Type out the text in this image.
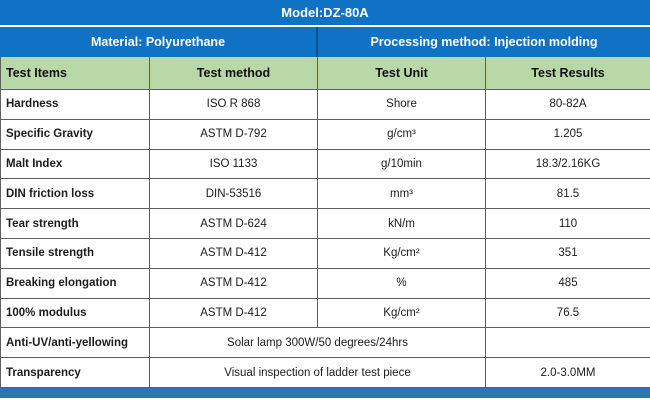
Model:DZ-80A
Material: Polyurethane	Processing method: Injection molding
Test Items	Test method	Test Unit	Test Results
Hardness	ISO R 868	Shore	80-82A
Specific Gravity	ASTM D-792	g/cm³	1.205
Malt Index	ISO 1133	g/10min	18.3/2.16KG
DIN friction loss	DIN-53516	mm³	81.5
Tear strength	ASTM D-624	kN/m	110
Tensile strength	ASTM D-412	Kg/cm²	351
Breaking elongation	ASTM D-412	%	485
100% modulus	ASTM D-412	Kg/cm²	76.5
Anti-UV/anti-yellowing	Solar lamp 300W/50 degrees/24hrs
Transparency	Visual inspection of ladder test piece	2.0-3.0MM
